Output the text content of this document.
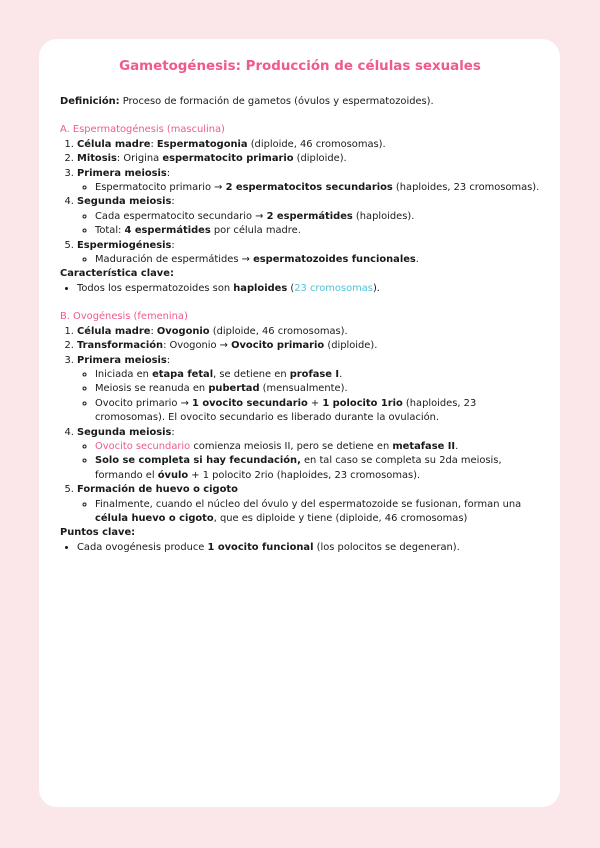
Gametogénesis: Producción de células sexuales
Definición: Proceso de formación de gametos (óvulos y espermatozoides).
A. Espermatogénesis (masculina)
1. Célula madre: Espermatogonia (diploide, 46 cromosomas).
2. Mitosis: Origina espermatocito primario (diploide).
3. Primera meiosis:
◦ Espermatocito primario → 2 espermatocitos secundarios (haploides, 23 cromosomas).
4. Segunda meiosis:
◦ Cada espermatocito secundario → 2 espermátides (haploides).
◦ Total: 4 espermátides por célula madre.
5. Espermiogénesis:
◦ Maduración de espermátides → espermatozoides funcionales.
Característica clave:
• Todos los espermatozoides son haploides (23 cromosomas).
B. Ovogénesis (femenina)
1. Célula madre: Ovogonio (diploide, 46 cromosomas).
2. Transformación: Ovogonio → Ovocito primario (diploide).
3. Primera meiosis:
◦ Iniciada en etapa fetal, se detiene en profase I.
◦ Meiosis se reanuda en pubertad (mensualmente).
◦ Ovocito primario → 1 ovocito secundario + 1 polocito 1rio (haploides, 23 cromosomas). El ovocito secundario es liberado durante la ovulación.
4. Segunda meiosis:
◦ Ovocito secundario comienza meiosis II, pero se detiene en metafase II.
◦ Solo se completa si hay fecundación, en tal caso se completa su 2da meiosis, formando el óvulo + 1 polocito 2rio (haploides, 23 cromosomas).
5. Formación de huevo o cigoto
◦ Finalmente, cuando el núcleo del óvulo y del espermatozoide se fusionan, forman una célula huevo o cigoto, que es diploide y tiene (diploide, 46 cromosomas)
Puntos clave:
• Cada ovogénesis produce 1 ovocito funcional (los polocitos se degeneran).
